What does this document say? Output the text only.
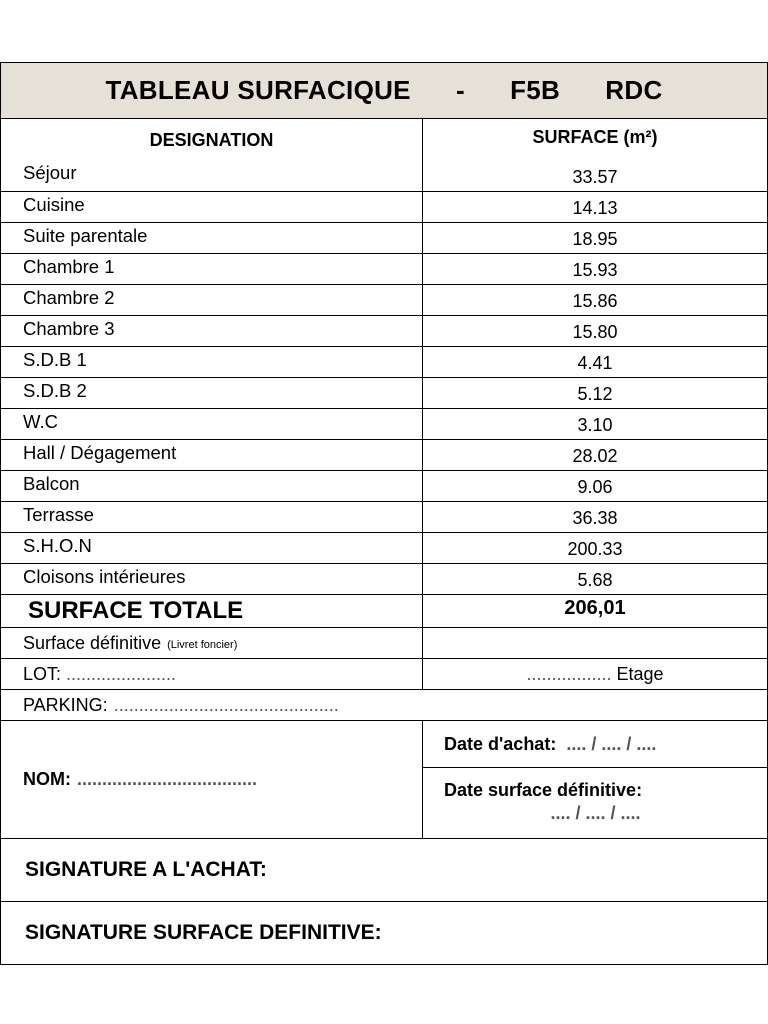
TABLEAU SURFACIQUE
-
F5B
RDC
DESIGNATION	SURFACE (m²)
Séjour	33.57
Cuisine	14.13
Suite parentale	18.95
Chambre 1	15.93
Chambre 2	15.86
Chambre 3	15.80
S.D.B 1	4.41
S.D.B 2	5.12
W.C	3.10
Hall / Dégagement	28.02
Balcon	9.06
Terrasse	36.38
S.H.O.N	200.33
Cloisons intérieures	5.68
SURFACE TOTALE	206,01
Surface définitive (Livret foncier)
LOT: ......................	................. Etage
PARKING: .............................................
NOM: ....................................
Date d'achat: .... / .... / ....
Date surface définitive:
.... / .... / ....
SIGNATURE A L'ACHAT:
SIGNATURE SURFACE DEFINITIVE:
